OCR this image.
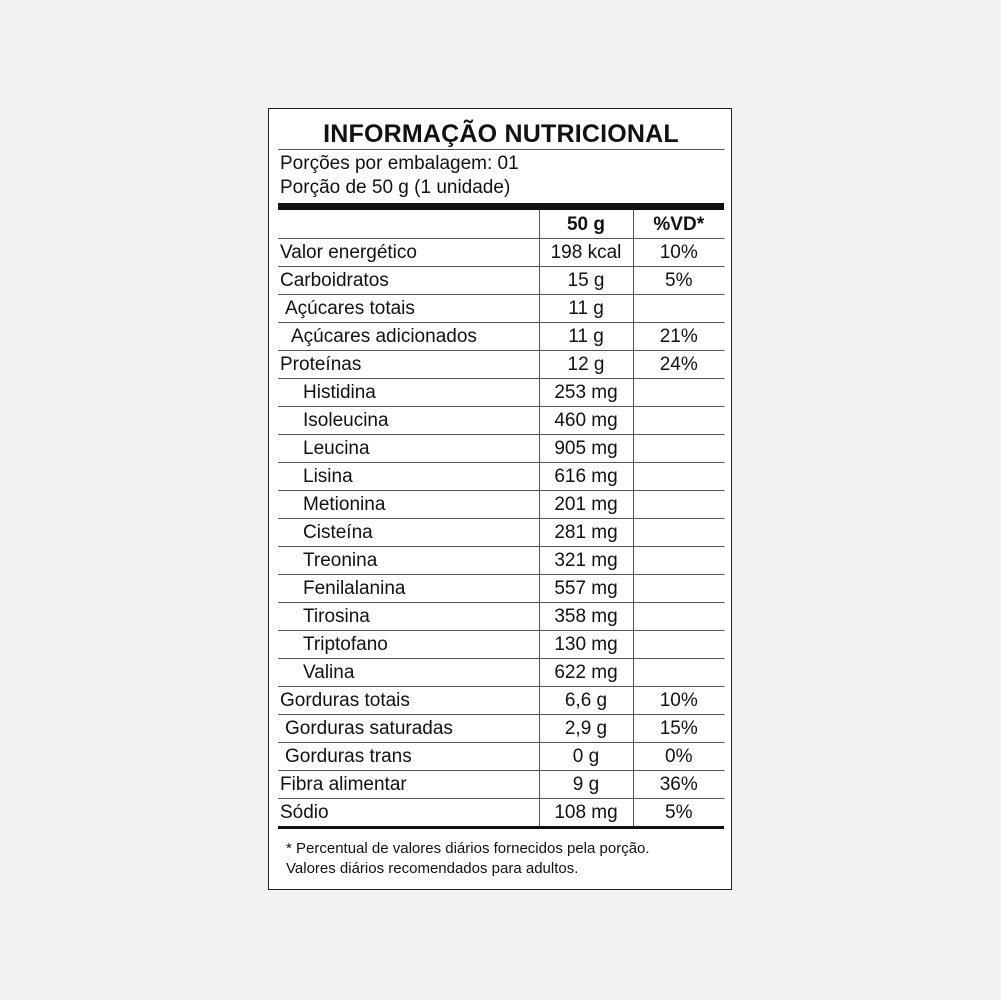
INFORMAÇÃO NUTRICIONAL
Porções por embalagem: 01
Porção de 50 g (1 unidade)
	50 g	%VD*
Valor energético	198 kcal	10%
Carboidratos	15 g	5%
Açúcares totais	11 g	
Açúcares adicionados	11 g	21%
Proteínas	12 g	24%
Histidina	253 mg	
Isoleucina	460 mg	
Leucina	905 mg	
Lisina	616 mg	
Metionina	201 mg	
Cisteína	281 mg	
Treonina	321 mg	
Fenilalanina	557 mg	
Tirosina	358 mg	
Triptofano	130 mg	
Valina	622 mg	
Gorduras totais	6,6 g	10%
Gorduras saturadas	2,9 g	15%
Gorduras trans	0 g	0%
Fibra alimentar	9 g	36%
Sódio	108 mg	5%
* Percentual de valores diários fornecidos pela porção.
Valores diários recomendados para adultos.
